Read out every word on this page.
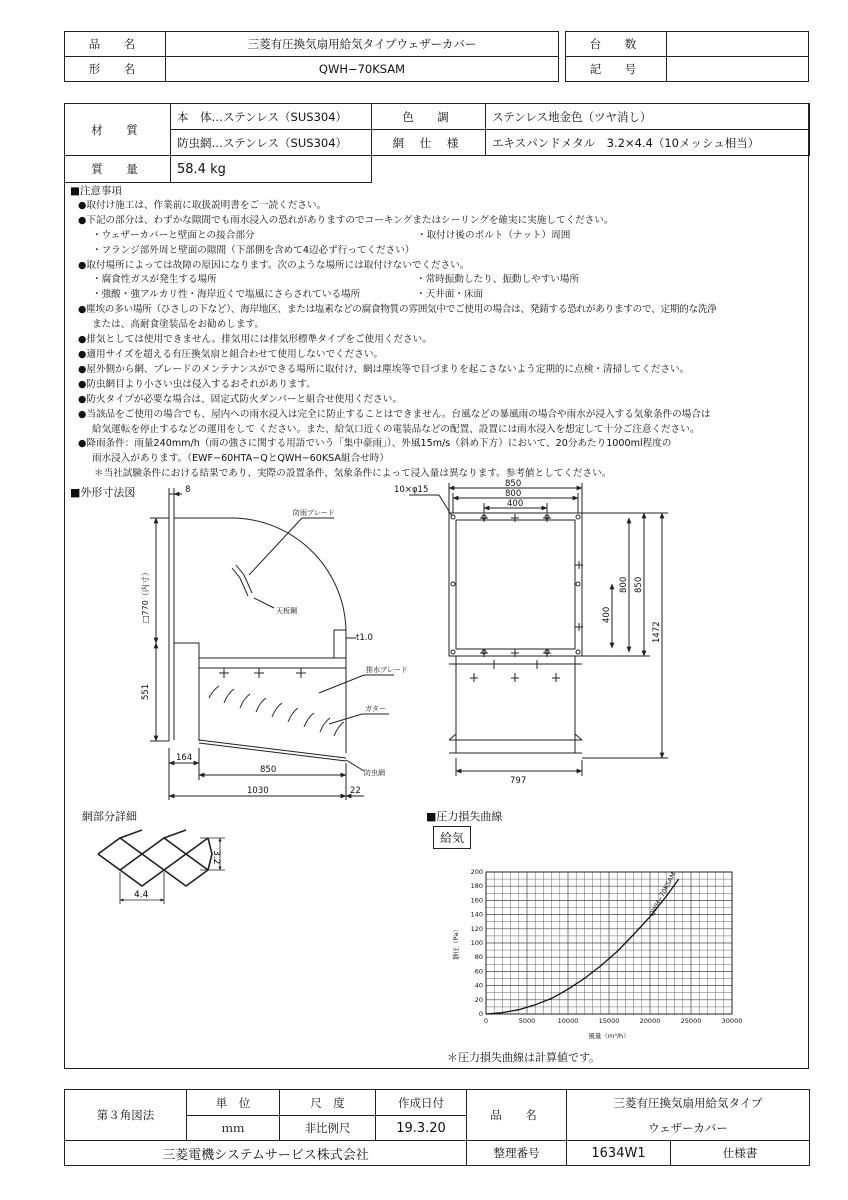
品　名	三菱有圧換気扇用給気タイプウェザーカバー
形　名	QWH−70KSAM
台　数	
記　号	
材　質	本　体…ステンレス（SUS304）	色　調	ステンレス地金色（ツヤ消し）
	防虫網…ステンレス（SUS304）	網 仕 様	エキスパンドメタル　3.2×4.4（10メッシュ相当）
質　量	58.4 kg		
■注意事項
●取付け施工は、作業前に取扱説明書をご一読ください。
●下記の部分は、わずかな隙間でも雨水浸入の恐れがありますのでコーキングまたはシーリングを確実に実施してください。
・ウェザーカバーと壁面との接合部分	・取付け後のボルト（ナット）周囲
・フランジ部外周と壁面の隙間（下部側を含めて4辺必ず行ってください）
●取付場所によっては故障の原因になります。次のような場所には取付けないでください。
・腐食性ガスが発生する場所	・常時振動したり、振動しやすい場所
・強酸・強アルカリ性・海岸近くで塩風にさらされている場所	・天井面・床面
●塵埃の多い場所（ひさしの下など）、海岸地区、または塩素などの腐食物質の雰囲気中でご使用の場合は、発錆する恐れがありますので、定期的な洗浄
または、高耐食塗装品をお勧めします。
●排気としては使用できません。排気用には排気形標準タイプをご使用ください。
●適用サイズを超える有圧換気扇と組合わせて使用しないでください。
●屋外側から網、ブレードのメンテナンスができる場所に取付け、網は塵埃等で目づまりを起こさないよう定期的に点検・清掃してください。
●防虫網目より小さい虫は侵入するおそれがあります。
●防火タイプが必要な場合は、固定式防火ダンパーと組合せ使用ください。
●当該品をご使用の場合でも、屋内への雨水浸入は完全に防止することはできません。台風などの暴風雨の場合や雨水が浸入する気象条件の場合は
給気運転を停止するなどの運用をして ください。また、給気口近くの電装品などの配置、設置には雨水浸入を想定して十分ご注意ください。
●降雨条件：雨量240mm/h（雨の強さに関する用語でいう「集中豪雨」）、外風15m/s（斜め下方）において、20分あたり1000ml程度の
雨水浸入があります。（EWF−60HTA−QとQWH−60KSA組合せ時）
＊当社試験条件における結果であり、実際の設置条件、気象条件によって浸入量は異なります。参考値としてください。
■外形寸法図	8
防雨ブレード
□770（内寸）	天板鋼
t1.0
排水ブレード
ガター
551
164
防虫網
850
22
1030
850
10×φ15	800
400
400
800 850
1472
797
網部分詳細
3.2
4.4
■圧力損失曲線
給気
0	5000	10000	15000	20000	25000	30000
0
20
40
60
80
100
120
140
160
180
200
風量（m³/h）
静圧（Pa）
QWH−70KSAM
＊圧力損失曲線は計算値です。
第３角図法	単　位	尺　度	作成日付	品　名	三菱有圧換気扇用給気タイプ	
	ｍｍ	非比例尺	19.3.20		ウェザーカバー	
三菱電機システムサービス株式会社				整理番号	1634W1	仕様書
